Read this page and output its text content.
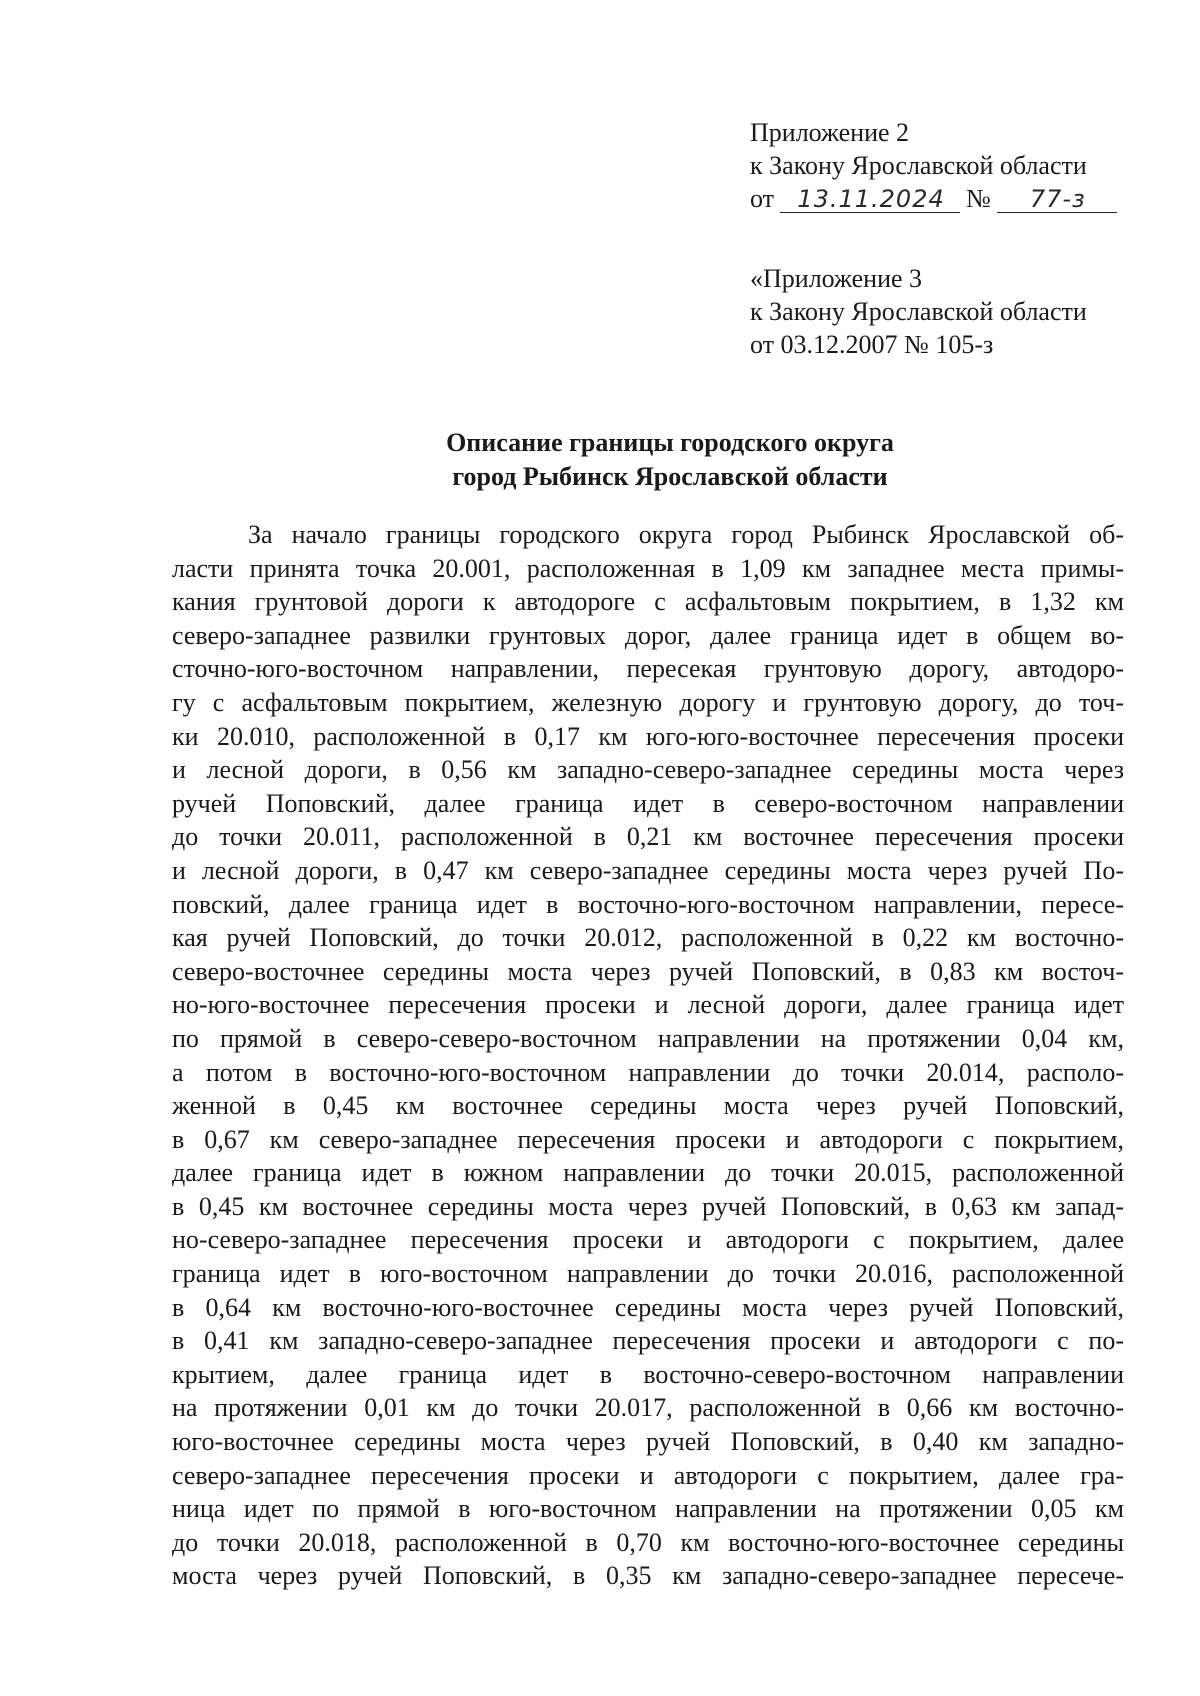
Приложение 2
к Закону Ярославской области
от 13.11.2024 № 77-з
«Приложение 3
к Закону Ярославской области
от 03.12.2007 № 105-з
Описание границы городского округа
город Рыбинск Ярославской области
За начало границы городского округа город Рыбинск Ярославской об-
ласти принята точка 20.001, расположенная в 1,09 км западнее места примы-
кания грунтовой дороги к автодороге с асфальтовым покрытием, в 1,32 км
северо-западнее развилки грунтовых дорог, далее граница идет в общем во-
сточно-юго-восточном направлении, пересекая грунтовую дорогу, автодоро-
гу с асфальтовым покрытием, железную дорогу и грунтовую дорогу, до точ-
ки 20.010, расположенной в 0,17 км юго-юго-восточнее пересечения просеки
и лесной дороги, в 0,56 км западно-северо-западнее середины моста через
ручей Поповский, далее граница идет в северо-восточном направлении
до точки 20.011, расположенной в 0,21 км восточнее пересечения просеки
и лесной дороги, в 0,47 км северо-западнее середины моста через ручей По-
повский, далее граница идет в восточно-юго-восточном направлении, пересе-
кая ручей Поповский, до точки 20.012, расположенной в 0,22 км восточно-
северо-восточнее середины моста через ручей Поповский, в 0,83 км восточ-
но-юго-восточнее пересечения просеки и лесной дороги, далее граница идет
по прямой в северо-северо-восточном направлении на протяжении 0,04 км,
а потом в восточно-юго-восточном направлении до точки 20.014, располо-
женной в 0,45 км восточнее середины моста через ручей Поповский,
в 0,67 км северо-западнее пересечения просеки и автодороги с покрытием,
далее граница идет в южном направлении до точки 20.015, расположенной
в 0,45 км восточнее середины моста через ручей Поповский, в 0,63 км запад-
но-северо-западнее пересечения просеки и автодороги с покрытием, далее
граница идет в юго-восточном направлении до точки 20.016, расположенной
в 0,64 км восточно-юго-восточнее середины моста через ручей Поповский,
в 0,41 км западно-северо-западнее пересечения просеки и автодороги с по-
крытием, далее граница идет в восточно-северо-восточном направлении
на протяжении 0,01 км до точки 20.017, расположенной в 0,66 км восточно-
юго-восточнее середины моста через ручей Поповский, в 0,40 км западно-
северо-западнее пересечения просеки и автодороги с покрытием, далее гра-
ница идет по прямой в юго-восточном направлении на протяжении 0,05 км
до точки 20.018, расположенной в 0,70 км восточно-юго-восточнее середины
моста через ручей Поповский, в 0,35 км западно-северо-западнее пересече-
